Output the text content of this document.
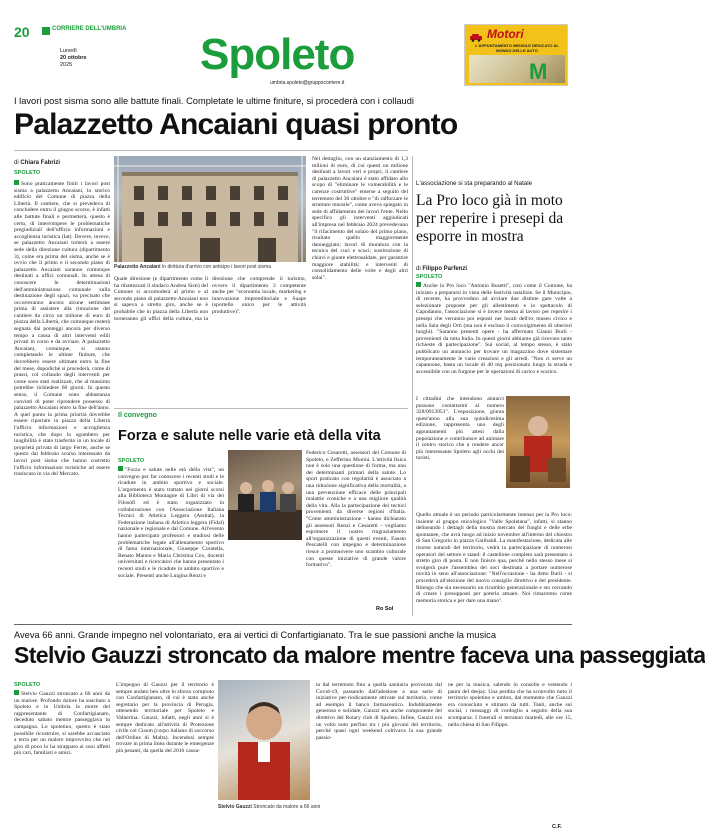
20	CORRIERE DELL'UMBRIA
Lunedì
20 ottobre
2025	Spoleto
umbria.spoleto@gruppocorriere.it
Motori
L'APPUNTAMENTO MENSILE DEDICATO AL MONDO DELLE AUTO
M
I lavori post sisma sono alle battute finali. Completate le ultime finiture, si procederà con i collaudi
Palazzetto Ancaiani quasi pronto
di Chiara Fabrizi
SPOLETO
Sono praticamente finiti i lavori post sisma a palazzetto Ancaiani, lo storico edificio del Comune di piazza della Libertà. Il cantiere, che si prevedeva di concludere entro il giugno scorso, è infatti alle battute finali e permetterà, questo è certo, di interrompere le problematiche pregiudiziali dell'ufficio informazioni e accoglienza turistica (Iat). Dovere, invece, se palazzetto Ancaiani tornerà a essere sede della direzione cultura (dipartimento 3), come era prima del sisma, anche se è ovvio che il primo e il secondo piano di palazzetto Ancaiani saranno comunque destinati a uffici comunali. In attesa di conoscere le determinazioni dell'amministrazione comunale sulla destinazione degli spazi, va precisato che occorreranno ancora alcune settimane prima di assistere alla rimozione del cantiere da circa un milione di euro di piazza della Libertà, che comunque resterà segnata dai ponteggi ancora per diverso tempo a causa di altri interventi edili privati in corso e da avviare. A palazzetto Ancaiani, comunque, si stanno completando le ultime finiture, che dovrebbero essere ultimate entro la fine del mese, dopodiché si procederà, come di prassi, col collaudo degli interventi per come sono stati realizzati, che al massimo potrebbe richiedere 60 giorni. In questo senso, il Comune sono abbastanza convinti di poter riprendere possesso di palazzetto Ancaiani entro la fine dell'anno. A quel punto la prima priorità dovrebbe essere riportare in piazza della Libertà l'ufficio informazioni e accoglienza turistica, che dopo lo sgombero per inagibilità è stato trasferito in un locale di proprietà privata di largo Ferrer, anche se questo dal febbraio scorso interessato da lavori post sisma che hanno costretto l'ufficio informazioni turistiche ad essere traslocato in via del Mercato.
Palazzetto Ancaiani In dirittura d'arrivo con anticipo i lavori post sisma
Quale direzione (e dipartimento come lì ha ribattezzati il sindaco Andrea Sisti) del Comune si accomoderà al primo e al secondo piano di palazzetto Ancaiani non si sapeva a stretto giro, anche se è probabile che in piazza della Libertà non torneranno gli uffici della cultura, ma la direzione che comprende il turismo, ovvero il dipartimento 3 competente anche per "economia locale, marketing e innovazione imprenditoriale e Suape (sportello unico per le attività produttive)".
Nel dettaglio, con un stanziamento di 1,3 milioni di euro, di cui questi un milione destinati a lavori veri e propri, il cantiere di palazzetto Ancaiani è stato affidato allo scopo di "eliminare le vulnerabilità e le carenze costruttive" emerse a seguito del terremoto del 30 ottobre e "di rafforzare le strutture murarie", come aveva spiegato in sede di affidamento dei lavori l'ente. Nello specifico gli interventi aggiudicati all'impresa nel febbraio 2024 prevedevano "il rifacimento del solaio del primo piano, risultato quello maggiormente danneggiato; lavori di muratura con la tecnica del cuci e scuci; sostituzione di chiavi e giunte elettrosaldate, per garantire maggiore stabilità; e interventi di consolidamento delle volte e degli altri solai".
Il convegno
Forza e salute nelle varie età della vita
SPOLETO
"Forza e salute nelle età della vita", un convegno per far conoscere i recenti studi e le ricadute in ambito sportivo e sociale. L'argomento è stato trattato nei giorni scorsi alla Biblioteca Montagne di Libri di via dei Filosofi ed è stato organizzato in collaborazione con l'Associazione Italiana Tecnici di Atletica Leggera (Assital), la Federazione italiana di Atletica leggera (Fidal) nazionale e regionale e dal Comune. All'evento hanno partecipato professori e studiosi delle problematiche legate all'allenamento sportivo di fama internazionale, Giuseppe Coratella, Renato Manno e Maria Christina Cox, docenti universitari e ricercatori che hanno presentato i recenti studi e le ricadute in ambito sportivo e sociale. Presenti anche Luigina Renzi e
Federico Cesaretti, assessori del Comune di Spoleto, e Zefferino Monini. L'attività fisica non è solo una questione di forma, ma uno dei determinanti primari della salute. Lo sport praticato con regolarità è associato a una riduzione significativa della mortalità, a una prevenzione efficace delle principali malattie croniche e a una migliore qualità della vita. Alla la partecipazione dei tecnici provenienti da diverse regioni d'Italia. "Come amministrazione - hanno dichiarato gli assessori Renzi e Cesaretti - vogliamo esprimere il nostro ringraziamento all'organizzazione di questi eventi, Fausto Pescatelli con impegno e determinazione riesce a promuovere uno scambio culturale con queste iniziative di grande valore formativo".
Ro Sol
L'associazione si sta preparando al Natale
La Pro loco già in moto per reperire i presepi da esporre in mostra
di Filippo Parfenzi
SPOLETO
Anche la Pro loco "Antonio Busetti", così come il Comune, ha iniziato a prepararsi in vista delle festività natalizie. Se il Municipio, di recente, ha provveduto ad avviare due distinte gare volte a selezionare proposte per gli allestimenti e lo spettacolo di Capodanno, l'associazione si è invece messa al lavoro per reperire i presepi che verranno poi esposti nei locali dell'ex museo civico e nella Sala degli Orti (ma non è escluso il coinvolgimento di ulteriori luoghi). "Saranno presenti opere - ha affermato Gianni Burli - provenienti da tutta Italia. In questi giorni abbiamo già ricevuto tante richieste di partecipazione". Sui social, al tempo stesso, è stato pubblicato un annuncio per trovare un magazzino dove sistemare temporaneamente le varie creazioni e gli arredi. "Non ci serve un capannone, basta un locale di 40 mq posizionato lungo la strada e accessibile con un furgone per le operazioni di carico e scarico.
I cittadini che intendono aiutarci possono contattarmi al numero 328/0913951". L'esposizione, giunta quest'anno alla sua quindicesima edizione, rappresenta uno degli appuntamenti più attesi dalla popolazione e contribuisce ad animare il centro storico che a rendere ancor più interessante Spoleto agli occhi dei turisti.
Quello attuale è un periodo particolarmente intenso per la Pro loco: insieme al gruppo micologico "Valle Spoletana", infatti, si stanno delineando i dettagli della mostra mercato dei funghi e delle erbe spontanee, che avrà luogo ad inizio novembre all'interno del chiostro di San Gregorio in piazza Garibaldi. La manifestazione, dedicata alle risorse naturali del territorio, vedrà la partecipazione di numerosi operatori del settore e stand: il castellone completo sarà presentato a stretto giro di posta. E non finisce qua, perché nello stesso mese si svolgerà pure l'assemblea dei soci destinata a portare numerose novità in seno all'associazione: "Nell'occasione - ha detto Burli - si procederà all'elezione del nuovo consiglio direttivo e del presidente. Ritengo che sia necessario un ricambio generazionale e sto cercando di creare i presupposti per poterlo attuare. Noi rimarremo come memoria storica e per dare una mano".
Aveva 66 anni. Grande impegno nel volontariato, era ai vertici di Confartigianato. Tra le sue passioni anche la musica
Stelvio Gauzzi stroncato da malore mentre faceva una passeggiata
SPOLETO
Stelvio Gauzzi stroncato a 66 anni da un malore. Profondo dolore ha suscitato a Spoleto e in Umbria la morte del rappresentante di Confartigianato, deceduto sabato mentre passeggiava in campagna. Lo spoletino, questo è stato possibile ricostruire, si sarebbe accasciato a terra per un malore improvviso che nel giro di poco lo ha strappato ai suoi affetti più cari, familiari e amici.
L'impegno di Gauzzi per il territorio è sempre andato ben oltre lo sforzo compiuto con Confartigianato, di cui è stato anche segretario per la provincia di Perugia, ottenendo territoriale per Spoleto e Valnerina. Gauzzi, infatti, negli anni si è sempre dedicato all'attività di Protezione civile col Cisom (corpo italiano di soccorso dell'Ordine di Malta). Incendosi sempre trovare in prima linea durante le emergenze più pesanti, da quella del 2016 causa-
Stelvio Gauzzi Stroncato da malore a 66 anni
ta dal terremoto fino a quella sanitaria provocata dal Covid-19, passando dall'adesione a una serie di iniziative per-riodicamente attivate sul territorio, come ad esempio il banco farmaceutico. Indubbiamente generoso e solidale, Gauzzi era anche componente del direttivo del Rotary club di Spoleto. Infine, Gauzzi era un volto noto perfino tra i più giovani del territorio, perché quasi ogni weekend coltivava la sua grande passio-
ne per la musica, salendo in consolle e vestendo i panni del deejay. Una perdita che ha sconvolto tutto il territorio spoletino e umbro, dal momento che Gauzzi era conosciuto e stimato da tutti. Tanti, anche sui social, i messaggi di cordoglio a seguito della sua scomparsa. I funerali si terranno martedì, alle ore 15, nella chiesa di San Filippo.
C.F.
